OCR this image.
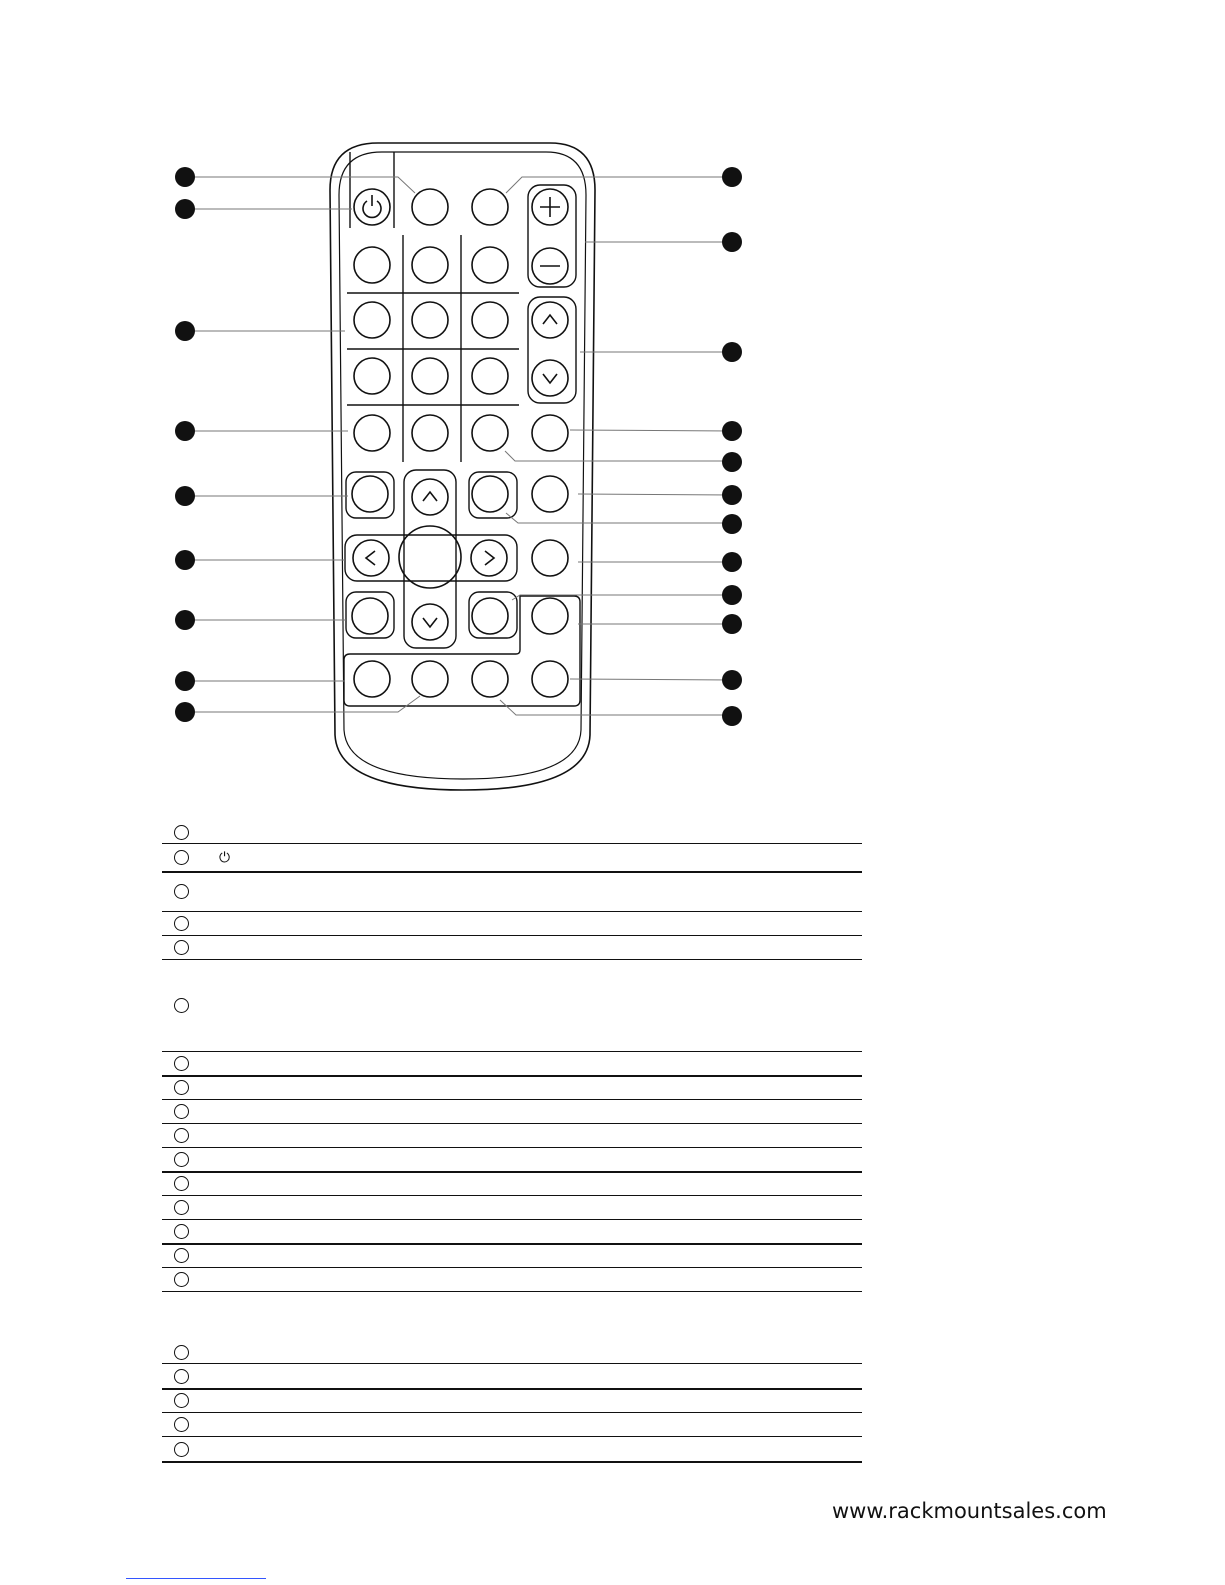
⏻
www.rackmountsales.com
